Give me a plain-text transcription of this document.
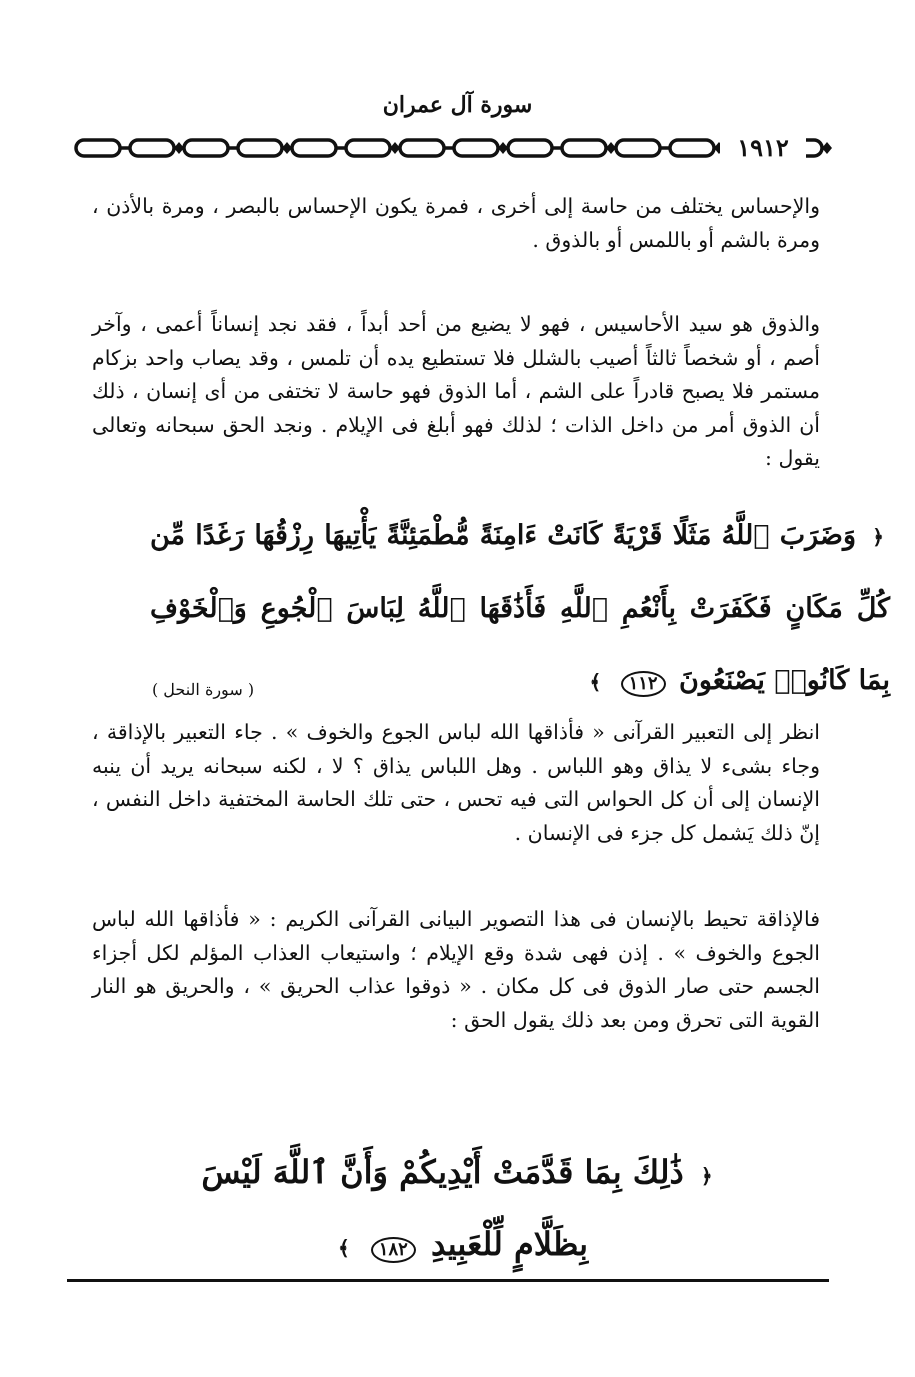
سورة آل عمران
١٩١٢

والإحساس يختلف من حاسة إلى أخرى ، فمرة يكون الإحساس بالبصر ، ومرة بالأذن ، ومرة بالشم أو باللمس أو بالذوق .

والذوق هو سيد الأحاسيس ، فهو لا يضيع من أحد أبداً ، فقد نجد إنساناً أعمى ، وآخر أصم ، أو شخصاً ثالثاً أصيب بالشلل فلا تستطيع يده أن تلمس ، وقد يصاب واحد بزكام مستمر فلا يصبح قادراً على الشم ، أما الذوق فهو حاسة لا تختفى من أى إنسان ، ذلك أن الذوق أمر من داخل الذات ؛ لذلك فهو أبلغ فى الإيلام . ونجد الحق سبحانه وتعالى يقول :

﴿ وَضَرَبَ ٱللَّهُ مَثَلًا قَرْيَةً كَانَتْ ءَامِنَةً مُّطْمَئِنَّةً يَأْتِيهَا رِزْقُهَا رَغَدًا مِّن كُلِّ مَكَانٍ فَكَفَرَتْ بِأَنْعُمِ ٱللَّهِ فَأَذَٰقَهَا ٱللَّهُ لِبَاسَ ٱلْجُوعِ وَٱلْخَوْفِ بِمَا كَانُوا۟ يَصْنَعُونَ ١١٢ ﴾

( سورة النحل )

انظر إلى التعبير القرآنى « فأذاقها الله لباس الجوع والخوف » . جاء التعبير بالإذاقة ، وجاء بشىء لا يذاق وهو اللباس . وهل اللباس يذاق ؟ لا ، لكنه سبحانه يريد أن ينبه الإنسان إلى أن كل الحواس التى فيه تحس ، حتى تلك الحاسة المختفية داخل النفس ، إنّ ذلك يَشمل كل جزء فى الإنسان .

فالإذاقة تحيط بالإنسان فى هذا التصوير البيانى القرآنى الكريم : « فأذاقها الله لباس الجوع والخوف » . إذن فهى شدة وقع الإيلام ؛ واستيعاب العذاب المؤلم لكل أجزاء الجسم حتى صار الذوق فى كل مكان . « ذوقوا عذاب الحريق » ، والحريق هو النار القوية التى تحرق ومن بعد ذلك يقول الحق :

﴿ ذَٰلِكَ بِمَا قَدَّمَتْ أَيْدِيكُمْ وَأَنَّ ٱللَّهَ لَيْسَ بِظَلَّامٍ لِّلْعَبِيدِ ١٨٢ ﴾
